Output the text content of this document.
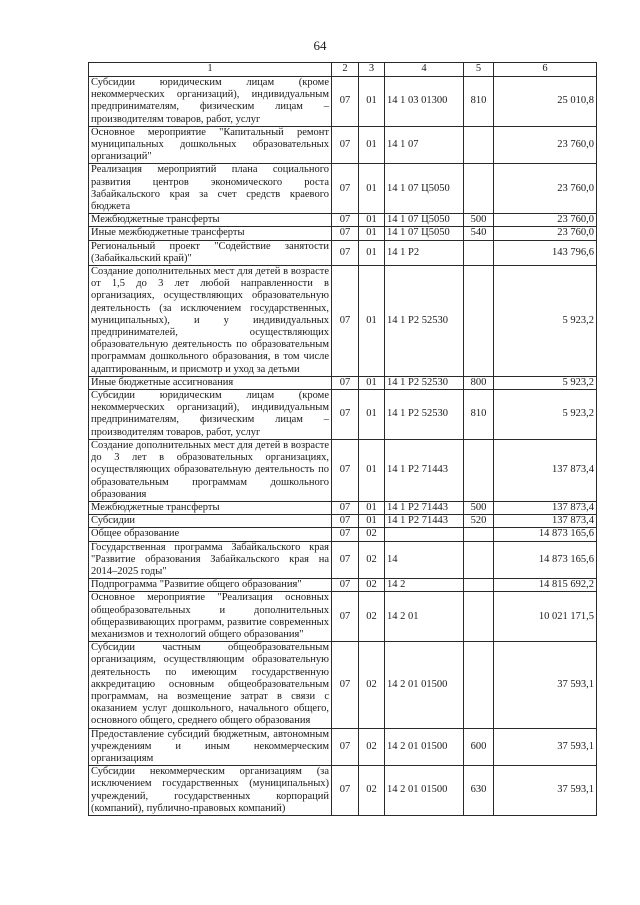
64
1	2	3	4	5	6
Субсидии юридическим лицам (кроме некоммерческих организаций), индивидуальным предпринимателям, физическим лицам – производителям товаров, работ, услуг	07	01	14 1 03 01300	810	25 010,8
Основное мероприятие "Капитальный ремонт муниципальных дошкольных образовательных организаций"	07	01	14 1 07		23 760,0
Реализация мероприятий плана социального развития центров экономического роста Забайкальского края за счет средств краевого бюджета	07	01	14 1 07 Ц5050		23 760,0
Межбюджетные трансферты	07	01	14 1 07 Ц5050	500	23 760,0
Иные межбюджетные трансферты	07	01	14 1 07 Ц5050	540	23 760,0
Региональный проект "Содействие занятости (Забайкальский край)"	07	01	14 1 P2		143 796,6
Создание дополнительных мест для детей в возрасте от 1,5 до 3 лет любой направленности в организациях, осуществляющих образовательную деятельность (за исключением государственных, муниципальных), и у индивидуальных предпринимателей, осуществляющих образовательную деятельность по образовательным программам дошкольного образования, в том числе адаптированным, и присмотр и уход за детьми	07	01	14 1 P2 52530		5 923,2
Иные бюджетные ассигнования	07	01	14 1 P2 52530	800	5 923,2
Субсидии юридическим лицам (кроме некоммерческих организаций), индивидуальным предпринимателям, физическим лицам – производителям товаров, работ, услуг	07	01	14 1 P2 52530	810	5 923,2
Создание дополнительных мест для детей в возрасте до 3 лет в образовательных организациях, осуществляющих образовательную деятельность по образовательным программам дошкольного образования	07	01	14 1 P2 71443		137 873,4
Межбюджетные трансферты	07	01	14 1 P2 71443	500	137 873,4
Субсидии	07	01	14 1 P2 71443	520	137 873,4
Общее образование	07	02			14 873 165,6
Государственная программа Забайкальского края "Развитие образования Забайкальского края на 2014–2025 годы"	07	02	14		14 873 165,6
Подпрограмма "Развитие общего образования"	07	02	14 2		14 815 692,2
Основное мероприятие "Реализация основных общеобразовательных и дополнительных общеразвивающих программ, развитие современных механизмов и технологий общего образования"	07	02	14 2 01		10 021 171,5
Субсидии частным общеобразовательным организациям, осуществляющим образовательную деятельность по имеющим государственную аккредитацию основным общеобразовательным программам, на возмещение затрат в связи с оказанием услуг дошкольного, начального общего, основного общего, среднего общего образования	07	02	14 2 01 01500		37 593,1
Предоставление субсидий бюджетным, автономным учреждениям и иным некоммерческим организациям	07	02	14 2 01 01500	600	37 593,1
Субсидии некоммерческим организациям (за исключением государственных (муниципальных) учреждений, государственных корпораций (компаний), публично-правовых компаний)	07	02	14 2 01 01500	630	37 593,1
